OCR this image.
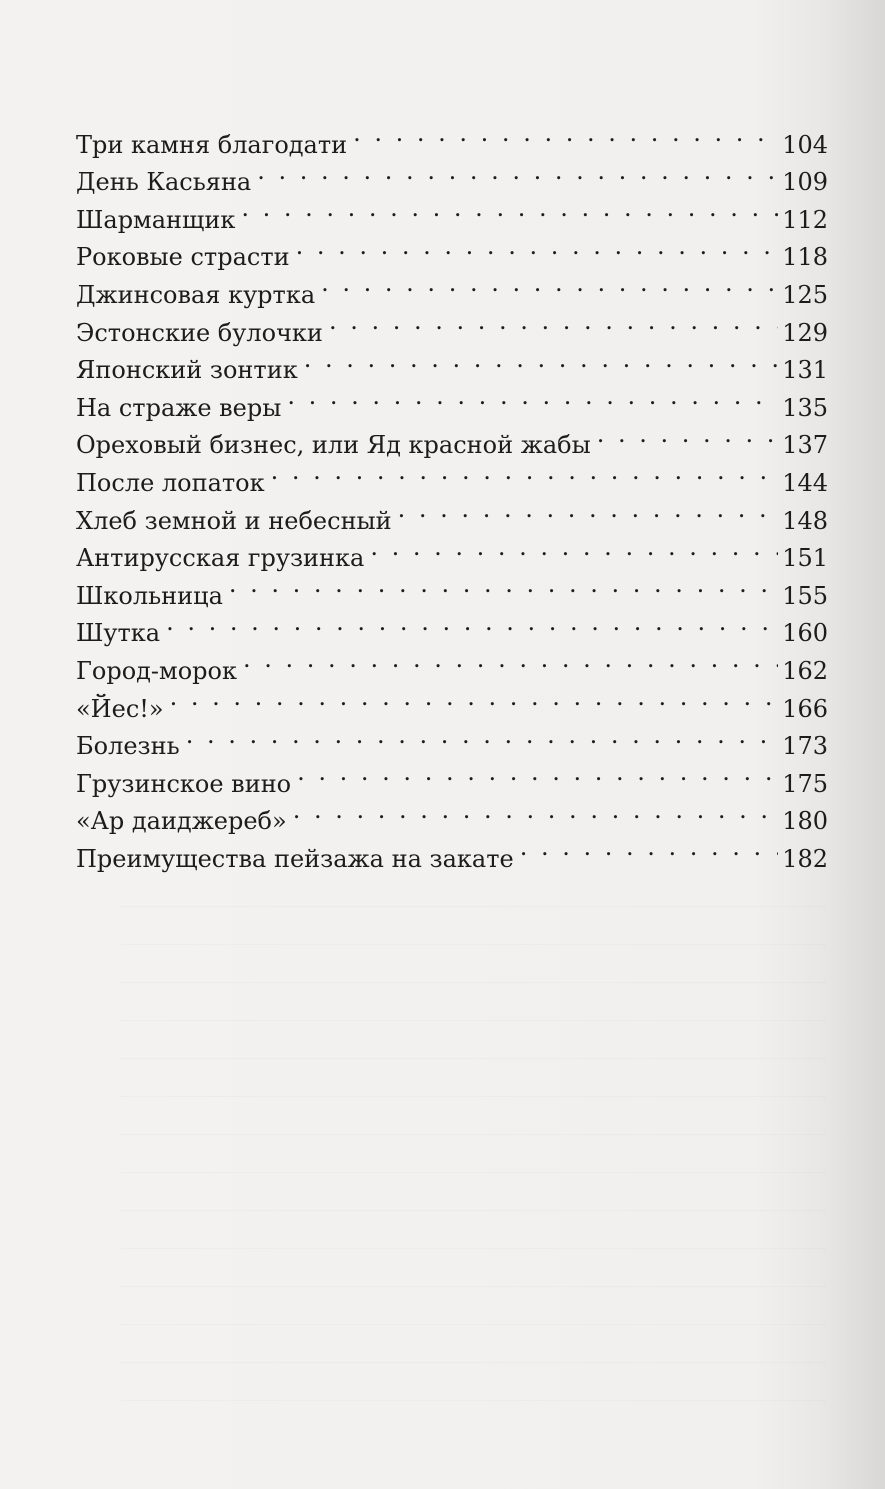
Три камня благодати . . .	104
День Касьяна . . .	109
Шарманщик . . .	112
Роковые страсти . . .	118
Джинсовая куртка . . .	125
Эстонские булочки . . .	129
Японский зонтик . . .	131
На страже веры . . .	135
Ореховый бизнес, или Яд красной жабы . . .	137
После лопаток . . .	144
Хлеб земной и небесный . . .	148
Антирусская грузинка . . .	151
Школьница . . .	155
Шутка . . .	160
Город-морок . . .	162
«Йес!» . . .	166
Болезнь . . .	173
Грузинское вино . . .	175
«Ар даиджереб» . . .	180
Преимущества пейзажа на закате . . .	182
